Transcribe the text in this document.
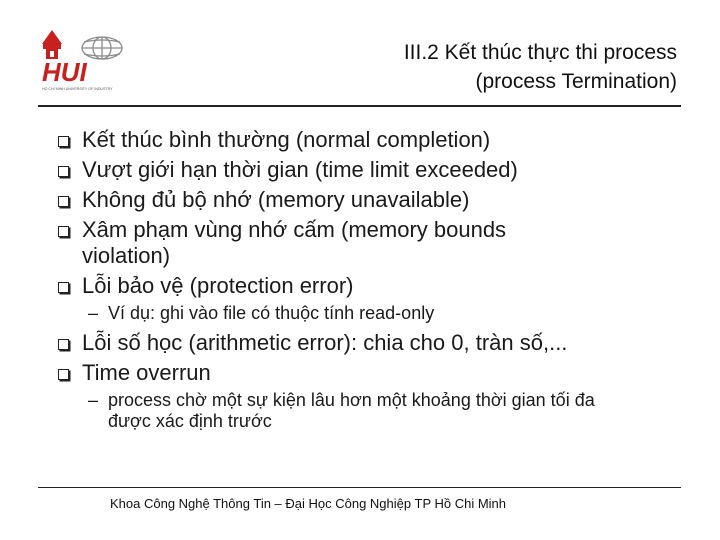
HUI
HO CHI MINH UNIVERSITY OF INDUSTRY
III.2 Kết thúc thực thi process
(process Termination)
Kết thúc bình thường (normal completion)
Vượt giới hạn thời gian (time limit exceeded)
Không đủ bộ nhớ (memory unavailable)
Xâm phạm vùng nhớ cấm (memory bounds violation)
Lỗi bảo vệ (protection error)
– Ví dụ: ghi vào file có thuộc tính read-only
Lỗi số học (arithmetic error): chia cho 0, tràn số,...
Time overrun
– process chờ một sự kiện lâu hơn một khoảng thời gian tối đa được xác định trước
Khoa Công Nghệ Thông Tin – Đại Học Công Nghiệp TP Hồ Chi Minh
